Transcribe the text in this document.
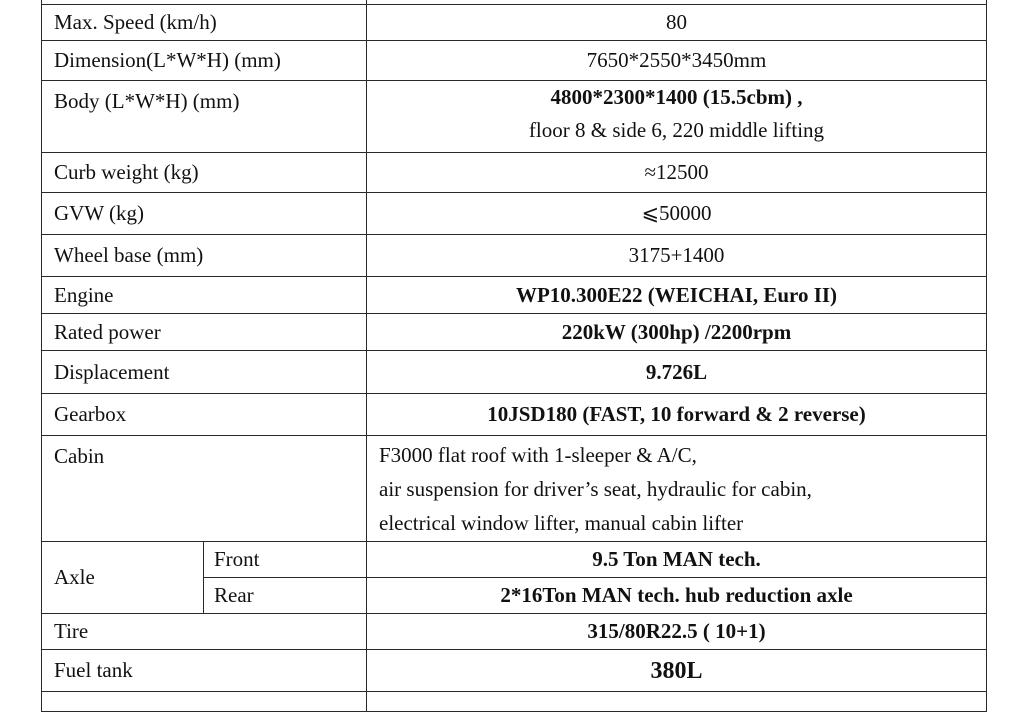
Max. Speed (km/h)		80
Dimension(L*W*H) (mm)		7650*2550*3450mm

Body (L*W*H) (mm)		4800*2300*1400 (15.5cbm) ,
floor 8 & side 6, 220 middle lifting

Curb weight (kg)		≈12500
GVW (kg)		⩽50000
Wheel base (mm)		3175+1400
Engine		WP10.300E22 (WEICHAI, Euro II)
Rated power		220kW (300hp) /2200rpm
Displacement		9.726L
Gearbox		10JSD180 (FAST, 10 forward & 2 reverse)

Cabin		F3000 flat roof with 1-sleeper & A/C,
air suspension for driver’s seat, hydraulic for cabin,
electrical window lifter, manual cabin lifter

Axle	Front	9.5 Ton MAN tech.
	Rear	2*16Ton MAN tech. hub reduction axle
Tire		315/80R22.5 ( 10+1)
Fuel tank		380L
